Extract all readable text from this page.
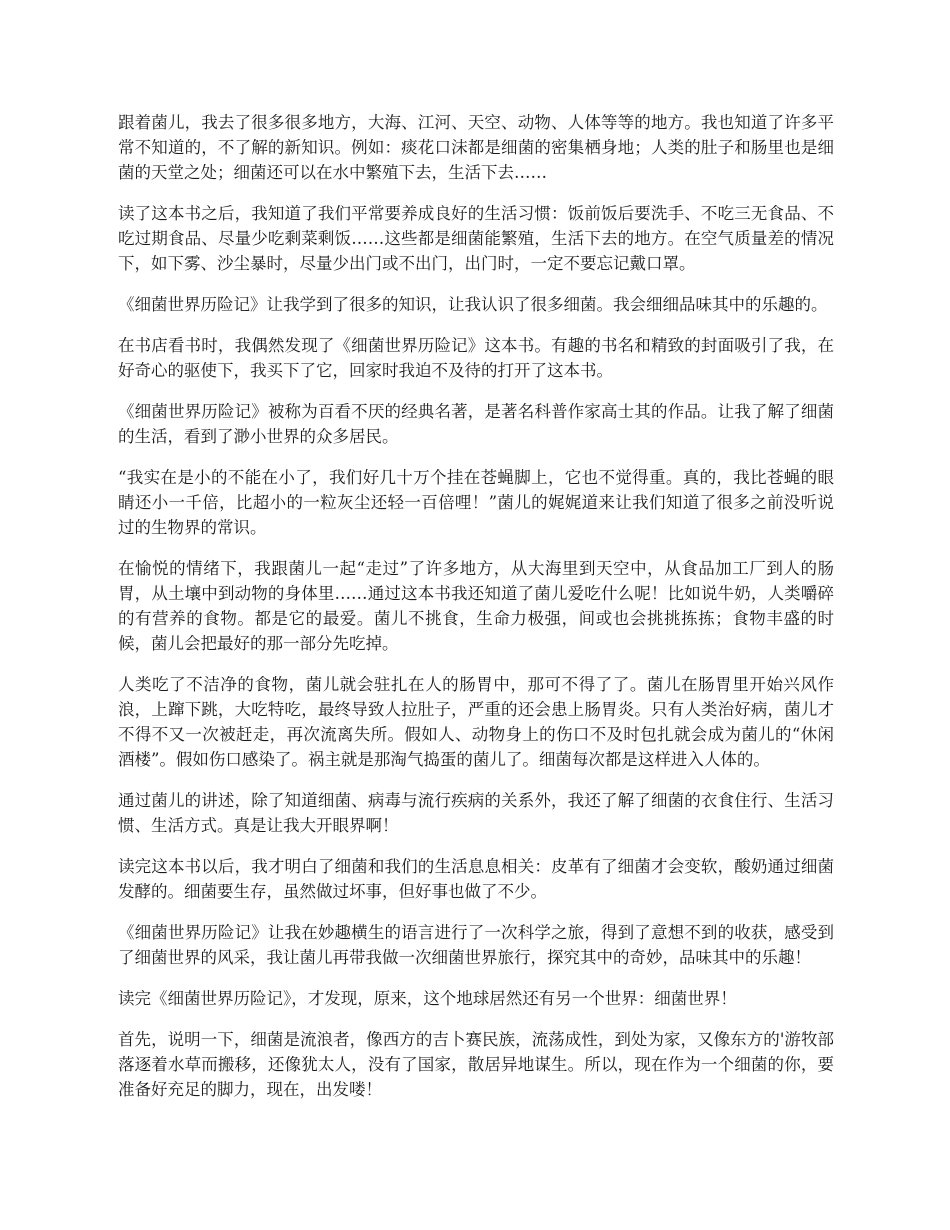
跟着菌儿，我去了很多很多地方，大海、江河、天空、动物、人体等等的地方。我也知道了许多平常不知道的，不了解的新知识。例如：痰花口沫都是细菌的密集栖身地；人类的肚子和肠里也是细菌的天堂之处；细菌还可以在水中繁殖下去，生活下去……

读了这本书之后，我知道了我们平常要养成良好的生活习惯：饭前饭后要洗手、不吃三无食品、不吃过期食品、尽量少吃剩菜剩饭……这些都是细菌能繁殖，生活下去的地方。在空气质量差的情况下，如下雾、沙尘暴时，尽量少出门或不出门，出门时，一定不要忘记戴口罩。

《细菌世界历险记》让我学到了很多的知识，让我认识了很多细菌。我会细细品味其中的乐趣的。

在书店看书时，我偶然发现了《细菌世界历险记》这本书。有趣的书名和精致的封面吸引了我，在好奇心的驱使下，我买下了它，回家时我迫不及待的打开了这本书。

《细菌世界历险记》被称为百看不厌的经典名著，是著名科普作家高士其的作品。让我了解了细菌的生活，看到了渺小世界的众多居民。

“我实在是小的不能在小了，我们好几十万个挂在苍蝇脚上，它也不觉得重。真的，我比苍蝇的眼睛还小一千倍，比超小的一粒灰尘还轻一百倍哩！”菌儿的娓娓道来让我们知道了很多之前没听说过的生物界的常识。

在愉悦的情绪下，我跟菌儿一起“走过”了许多地方，从大海里到天空中，从食品加工厂到人的肠胃，从土壤中到动物的身体里……通过这本书我还知道了菌儿爱吃什么呢！比如说牛奶，人类嚼碎的有营养的食物。都是它的最爱。菌儿不挑食，生命力极强，间或也会挑挑拣拣；食物丰盛的时候，菌儿会把最好的那一部分先吃掉。

人类吃了不洁净的食物，菌儿就会驻扎在人的肠胃中，那可不得了了。菌儿在肠胃里开始兴风作浪，上蹿下跳，大吃特吃，最终导致人拉肚子，严重的还会患上肠胃炎。只有人类治好病，菌儿才不得不又一次被赶走，再次流离失所。假如人、动物身上的伤口不及时包扎就会成为菌儿的“休闲酒楼”。假如伤口感染了。祸主就是那淘气捣蛋的菌儿了。细菌每次都是这样进入人体的。

通过菌儿的讲述，除了知道细菌、病毒与流行疾病的关系外，我还了解了细菌的衣食住行、生活习惯、生活方式。真是让我大开眼界啊！

读完这本书以后，我才明白了细菌和我们的生活息息相关：皮革有了细菌才会变软，酸奶通过细菌发酵的。细菌要生存，虽然做过坏事，但好事也做了不少。

《细菌世界历险记》让我在妙趣横生的语言进行了一次科学之旅，得到了意想不到的收获，感受到了细菌世界的风采，我让菌儿再带我做一次细菌世界旅行，探究其中的奇妙，品味其中的乐趣！

读完《细菌世界历险记》，才发现，原来，这个地球居然还有另一个世界：细菌世界！

首先，说明一下，细菌是流浪者，像西方的吉卜赛民族，流荡成性，到处为家，又像东方的'游牧部落逐着水草而搬移，还像犹太人，没有了国家，散居异地谋生。所以，现在作为一个细菌的你，要准备好充足的脚力，现在，出发喽！
